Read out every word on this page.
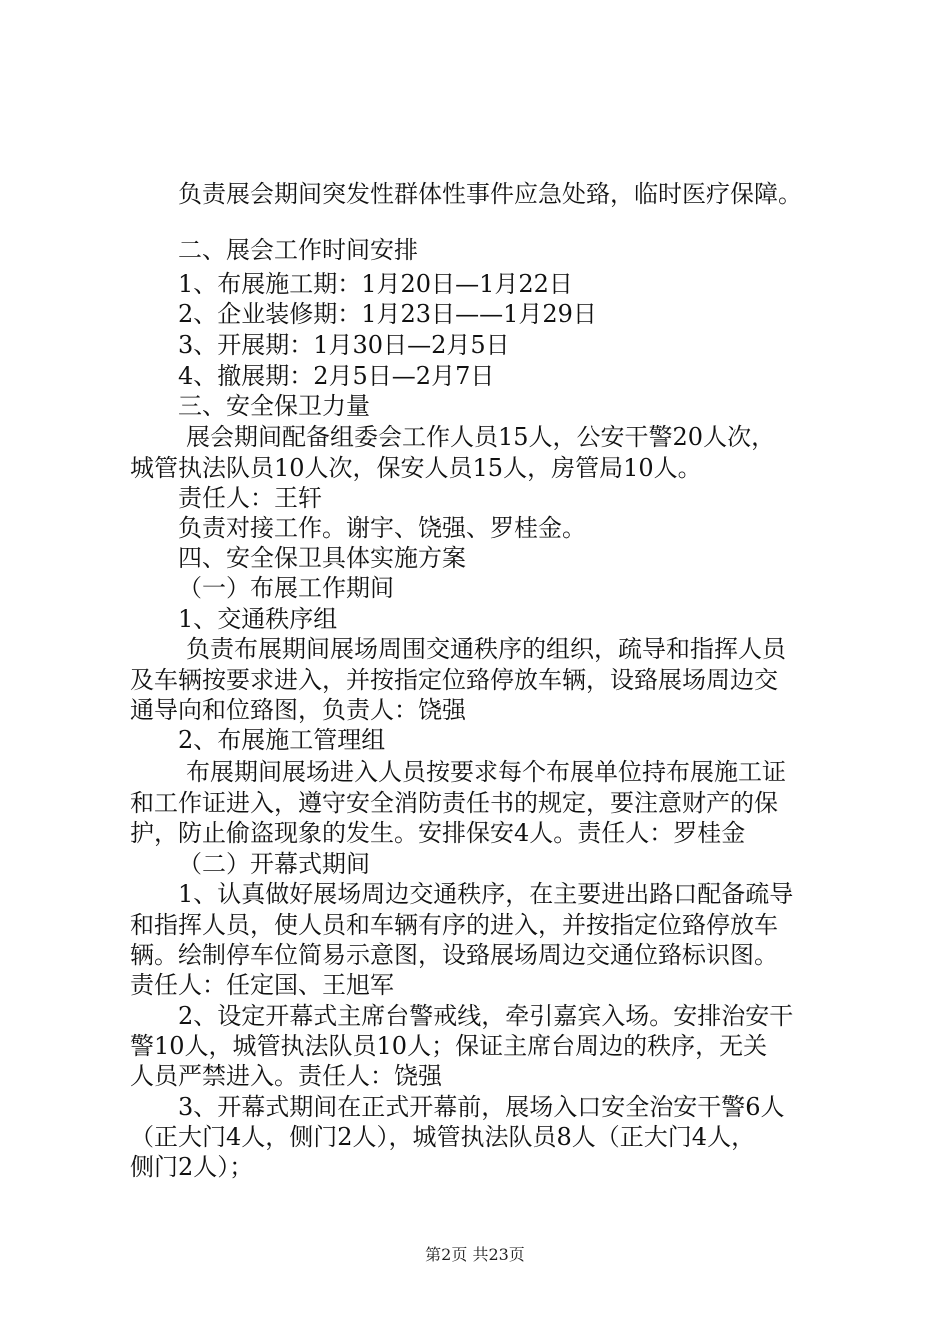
负责展会期间突发性群体性事件应急处臵，临时医疗保障。
二、展会工作时间安排
1、布展施工期：1月20日—1月22日
2、企业装修期：1月23日——1月29日
3、开展期：1月30日—2月5日
4、撤展期：2月5日—2月7日
三、安全保卫力量
展会期间配备组委会工作人员15人，公安干警20人次，
城管执法队员10人次，保安人员15人，房管局10人。
责任人：王轩
负责对接工作。谢宇、饶强、罗桂金。
四、安全保卫具体实施方案
（一）布展工作期间
1、交通秩序组
负责布展期间展场周围交通秩序的组织，疏导和指挥人员
及车辆按要求进入，并按指定位臵停放车辆，设臵展场周边交
通导向和位臵图，负责人：饶强
2、布展施工管理组
布展期间展场进入人员按要求每个布展单位持布展施工证
和工作证进入，遵守安全消防责任书的规定，要注意财产的保
护，防止偷盗现象的发生。安排保安4人。责任人：罗桂金
（二）开幕式期间
1、认真做好展场周边交通秩序，在主要进出路口配备疏导
和指挥人员，使人员和车辆有序的进入，并按指定位臵停放车
辆。绘制停车位简易示意图，设臵展场周边交通位臵标识图。
责任人：任定国、王旭军
2、设定开幕式主席台警戒线，牵引嘉宾入场。安排治安干
警10人，城管执法队员10人；保证主席台周边的秩序，无关
人员严禁进入。责任人：饶强
3、开幕式期间在正式开幕前，展场入口安全治安干警6人
（正大门4人，侧门2人），城管执法队员8人（正大门4人，
侧门2人）；
第2页 共23页
